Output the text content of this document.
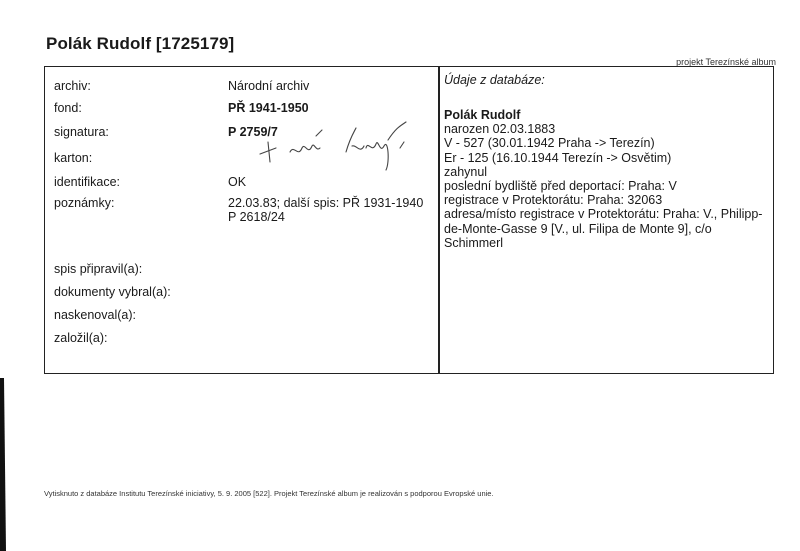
Polák Rudolf [1725179]
projekt Terezínské album
archiv:	Národní archiv
fond:	PŘ 1941-1950
signatura:	P 2759/7
karton:
identifikace:	OK
poznámky:	22.03.83; další spis: PŘ 1931-1940 P 2618/24
spis připravil(a):
dokumenty vybral(a):
naskenoval(a):
založil(a):
Údaje z databáze:
Polák Rudolf
narozen 02.03.1883
V - 527 (30.01.1942 Praha -> Terezín)
Er - 125 (16.10.1944 Terezín -> Osvětim)
zahynul
poslední bydliště před deportací: Praha: V
registrace v Protektorátu: Praha: 32063
adresa/místo registrace v Protektorátu: Praha: V., Philipp-de-Monte-Gasse 9 [V., ul. Filipa de Monte 9], c/o Schimmerl
Vytisknuto z databáze Institutu Terezínské iniciativy, 5. 9. 2005 [522]. Projekt Terezínské album je realizován s podporou Evropské unie.
